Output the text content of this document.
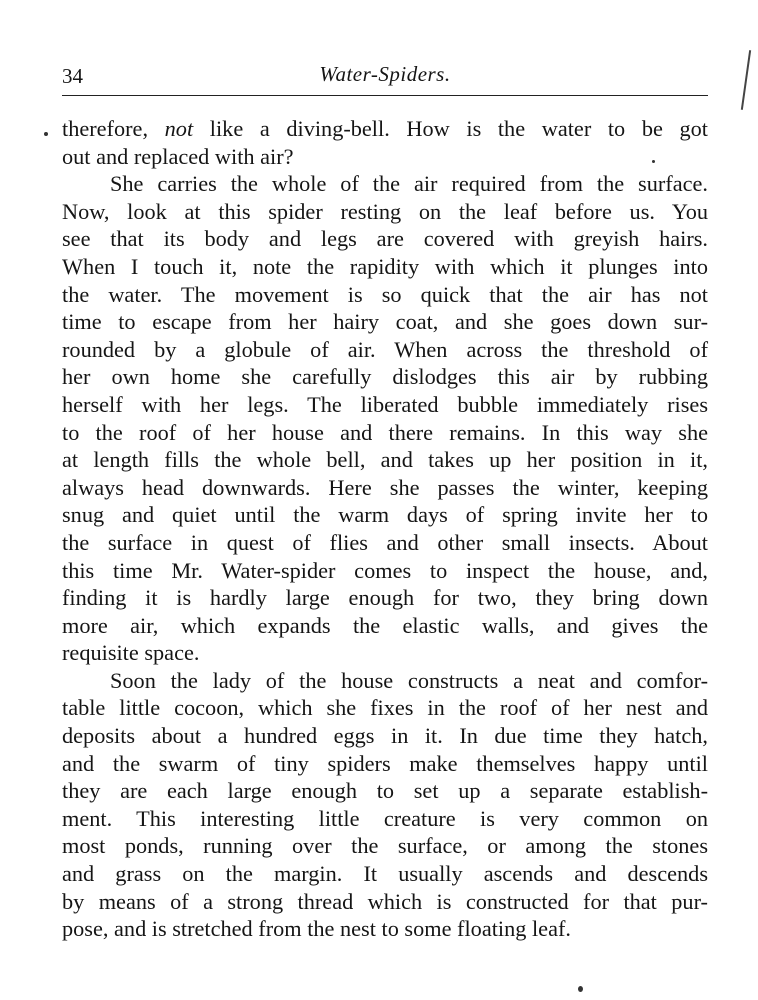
34	Water-Spiders.
therefore, not like a diving-bell. How is the water to be got
out and replaced with air?
She carries the whole of the air required from the surface.
Now, look at this spider resting on the leaf before us. You
see that its body and legs are covered with greyish hairs.
When I touch it, note the rapidity with which it plunges into
the water. The movement is so quick that the air has not
time to escape from her hairy coat, and she goes down sur-
rounded by a globule of air. When across the threshold of
her own home she carefully dislodges this air by rubbing
herself with her legs. The liberated bubble immediately rises
to the roof of her house and there remains. In this way she
at length fills the whole bell, and takes up her position in it,
always head downwards. Here she passes the winter, keeping
snug and quiet until the warm days of spring invite her to
the surface in quest of flies and other small insects. About
this time Mr. Water-spider comes to inspect the house, and,
finding it is hardly large enough for two, they bring down
more air, which expands the elastic walls, and gives the
requisite space.
Soon the lady of the house constructs a neat and comfor-
table little cocoon, which she fixes in the roof of her nest and
deposits about a hundred eggs in it. In due time they hatch,
and the swarm of tiny spiders make themselves happy until
they are each large enough to set up a separate establish-
ment. This interesting little creature is very common on
most ponds, running over the surface, or among the stones
and grass on the margin. It usually ascends and descends
by means of a strong thread which is constructed for that pur-
pose, and is stretched from the nest to some floating leaf.
